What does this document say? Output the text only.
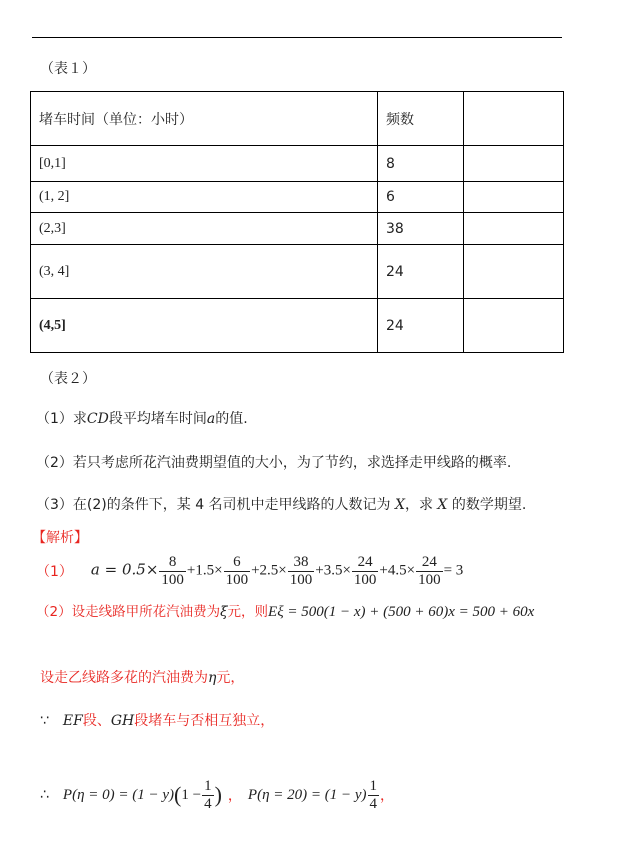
（表１）
堵车时间（单位：小时）	频数	
[0,1]	8	
(1, 2]	6	
(2,3]	38	
(3, 4]	24	
(4,5]	24	
（表２）
（1）求CD段平均堵车时间a的值.
（2）若只考虑所花汽油费期望值的大小，为了节约，求选择走甲线路的概率.
（3）在(2)的条件下，某 4 名司机中走甲线路的人数记为 X，求 X 的数学期望.
【解析】
（1） $a = 0.5\times \frac{8}{100} +1.5\times \frac{6}{100} +2.5\times \frac{38}{100} +3.5\times \frac{24}{100} +4.5\times \frac{24}{100} = 3$
（2）设走线路甲所花汽油费为ξ元，则Eξ = 500(1 − x) + (500 + 60)x = 500 + 60x
设走乙线路多花的汽油费为η元，
∵ EF段、GH段堵车与否相互独立，
∴ P(η = 0) = (1 − y) ( $1 - \frac{1}{4}$ ) ， $P(\eta = 20) = (1 - y) \frac{1}{4}$ ，
